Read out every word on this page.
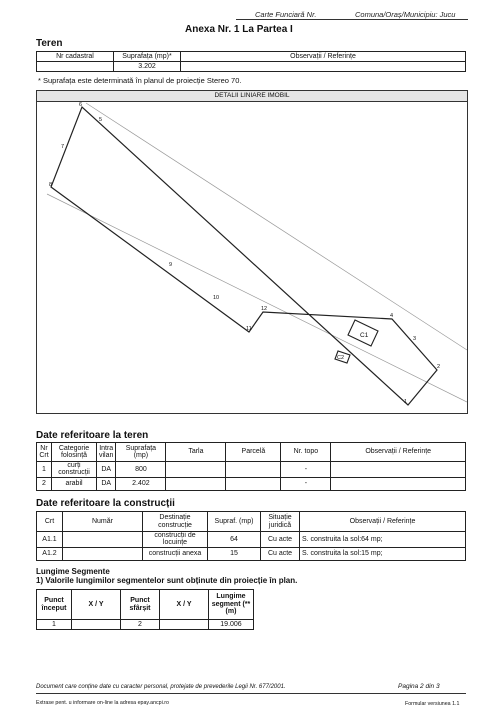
Carte Funciară Nr.	Comuna/Oraș/Municipiu: Jucu
Anexa Nr. 1 La Partea I
Teren
Nr cadastral	Suprafața (mp)*	Observații / Referințe
	3.202	
* Suprafața este determinată în planul de proiecție Stereo 70.
DETALII LINIARE IMOBIL
1
2
3
4
5
6
7
8
9
10
11
12
C1
C2
Date referitoare la teren
Nr Crt	Categorie folosință	Intra vilan	Suprafața (mp)	Tarla	Parcelă	Nr. topo	Observații / Referințe
1	curți construcții	DA	800			-	
2	arabil	DA	2.402			-	
Date referitoare la construcții
Crt	Număr	Destinație construcție	Supraf. (mp)	Situație juridică	Observații / Referințe
A1.1		construcții de locuințe	64	Cu acte	S. construita la sol:64 mp;
A1.2		construcții anexa	15	Cu acte	S. construita la sol:15 mp;
Lungime Segmente
1) Valorile lungimilor segmentelor sunt obținute din proiecție în plan.
Punct început	X / Y	Punct sfârșit	X / Y	Lungime segment (** (m)
1		2		19.006
Document care conține date cu caracter personal, protejate de prevederile Legii Nr. 677/2001.	Pagina 2 din 3
Extrase pent. u informare on-line la adresa epay.ancpi.ro	Formular versiunea 1.1
